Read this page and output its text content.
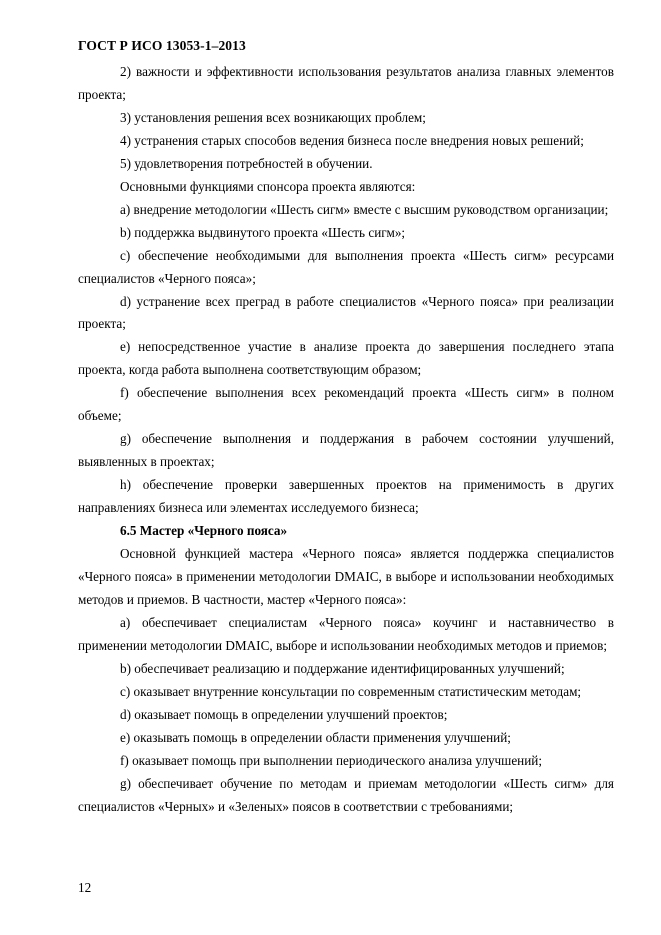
ГОСТ Р ИСО 13053-1–2013

2) важности и эффективности использования результатов анализа главных элементов проекта;

3) установления решения всех возникающих проблем;

4) устранения старых способов ведения бизнеса после внедрения новых решений;

5) удовлетворения потребностей в обучении.

Основными функциями спонсора проекта являются:

a) внедрение методологии «Шесть сигм» вместе с высшим руководством организации;

b) поддержка выдвинутого проекта «Шесть сигм»;

c) обеспечение необходимыми для выполнения проекта «Шесть сигм» ресурсами специалистов «Черного пояса»;

d) устранение всех преград в работе специалистов «Черного пояса» при реализации проекта;

e) непосредственное участие в анализе проекта до завершения последнего этапа проекта, когда работа выполнена соответствующим образом;

f) обеспечение выполнения всех рекомендаций проекта «Шесть сигм» в полном объеме;

g) обеспечение выполнения и поддержания в рабочем состоянии улучшений, выявленных в проектах;

h) обеспечение проверки завершенных проектов на применимость в других направлениях бизнеса или элементах исследуемого бизнеса;

6.5 Мастер «Черного пояса»

Основной функцией мастера «Черного пояса» является поддержка специалистов «Черного пояса» в применении методологии DMAIC, в выборе и использовании необходимых методов и приемов. В частности, мастер «Черного пояса»:

a) обеспечивает специалистам «Черного пояса» коучинг и наставничество в применении методологии DMAIC, выборе и использовании необходимых методов и приемов;

b) обеспечивает реализацию и поддержание идентифицированных улучшений;

c) оказывает внутренние консультации по современным статистическим методам;

d) оказывает помощь в определении улучшений проектов;

e) оказывать помощь в определении области применения улучшений;

f) оказывает помощь при выполнении периодического анализа улучшений;

g) обеспечивает обучение по методам и приемам методологии «Шесть сигм» для специалистов «Черных» и «Зеленых» поясов в соответствии с требованиями;

12
